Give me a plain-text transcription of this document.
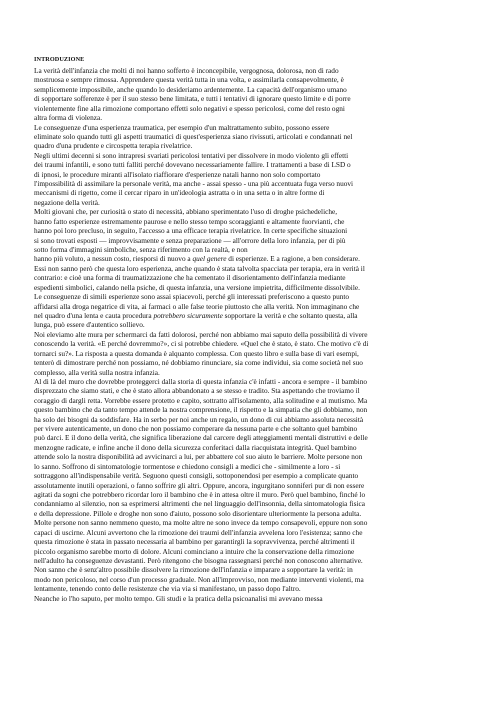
INTRODUZIONE
La verità dell'infanzia che molti di noi hanno sofferto è inconcepibile, vergognosa, dolorosa, non di rado
mostruosa e sempre rimossa. Apprendere questa verità tutta in una volta, e assimilarla consapevolmente, è
semplicemente impossibile, anche quando lo desideriamo ardentemente. La capacità dell'organismo umano
di sopportare sofferenze è per il suo stesso bene limitata, e tutti i tentativi di ignorare questo limite e di porre
violentemente fine alla rimozione comportano effetti solo negativi e spesso pericolosi, come del resto ogni
altra forma di violenza.
Le conseguenze d'una esperienza traumatica, per esempio d'un maltrattamento subito, possono essere
eliminate solo quando tutti gli aspetti traumatici di quest'esperienza siano rivissuti, articolati e condannati nel
quadro d'una prudente e circospetta terapia rivelatrice.
Negli ultimi decenni si sono intrapresi svariati pericolosi tentativi per dissolvere in modo violento gli effetti
dei traumi infantili, e sono tutti falliti perché dovevano necessariamente fallire. I trattamenti a base di LSD o
di ipnosi, le procedure miranti all'isolato riaffiorare d'esperienze natali hanno non solo comportato
l'impossibilità di assimilare la personale verità, ma anche - assai spesso - una più accentuata fuga verso nuovi
meccanismi di rigetto, come il cercar riparo in un'ideologia astratta o in una setta o in altre forme di
negazione della verità.
Molti giovani che, per curiosità o stato di necessità, abbiano sperimentato l'uso di droghe psichedeliche,
hanno fatto esperienze estremamente paurose e nello stesso tempo scoraggianti e altamente fuorvianti, che
hanno poi loro precluso, in seguito, l'accesso a una efficace terapia rivelatrice. In certe specifiche situazioni
si sono trovati esposti — improvvisamente e senza preparazione — all'orrore della loro infanzia, per di più
sotto forma d'immagini simboliche, senza riferimento con la realtà, e non
hanno più voluto, a nessun costo, riesporsi di nuovo a quel genere di esperienze. E a ragione, a ben considerare.
Essi non sanno però che questa loro esperienza, anche quando è stata talvolta spacciata per terapia, era in verità il
contrario: e cioè una forma di traumatizzazione che ha cementato il disorientamento dell'infanzia mediante
espedienti simbolici, calando nella psiche, di questa infanzia, una versione impietrita, difficilmente dissolvibile.
Le conseguenze di simili esperienze sono assai spiacevoli, perché gli interessati preferiscono a questo punto
affidarsi alla droga negatrice di vita, ai farmaci o alle false teorie piuttosto che alla verità. Non immaginano che
nel quadro d'una lenta e cauta procedura potrebbero sicuramente sopportare la verità e che soltanto questa, alla
lunga, può essere d'autentico sollievo.
Noi eleviamo alte mura per schermarci da fatti dolorosi, perché non abbiamo mai saputo della possibilità di vivere
conoscendo la verità. «E perché dovremmo?», ci si potrebbe chiedere. «Quel che è stato, è stato. Che motivo c'è di
tornarci su?». La risposta a questa domanda è alquanto complessa. Con questo libro e sulla base di vari esempi,
tenterò di dimostrare perché non possiamo, né dobbiamo rinunciare, sia come individui, sia come società nel suo
complesso, alla verità sulla nostra infanzia.
Al di là del muro che dovrebbe proteggerci dalla storia di questa infanzia c'è infatti - ancora e sempre - il bambino
disprezzato che siamo stati, e che è stato allora abbandonato a se stesso e tradito. Sta aspettando che troviamo il
coraggio di dargli retta. Vorrebbe essere protetto e capito, sottratto all'isolamento, alla solitudine e al mutismo. Ma
questo bambino che da tanto tempo attende la nostra comprensione, il rispetto e la simpatia che gli dobbiamo, non
ha solo dei bisogni da soddisfare. Ha in serbo per noi anche un regalo, un dono di cui abbiamo assoluta necessità
per vivere autenticamente, un dono che non possiamo comperare da nessuna parte e che soltanto quel bambino
può darci. E il dono della verità, che significa liberazione dal carcere degli atteggiamenti mentali distruttivi e delle
menzogne radicate, e infine anche il dono della sicurezza conferitaci dalla riacquistata integrità. Quel bambino
attende solo la nostra disponibilità ad avvicinarci a lui, per abbattere col suo aiuto le barriere. Molte persone non
lo sanno. Soffrono di sintomatologie tormentose e chiedono consigli a medici che - similmente a loro - si
sottraggono all'indispensabile verità. Seguono questi consigli, sottoponendosi per esempio a complicate quanto
assolutamente inutili operazioni, o fanno soffrire gli altri. Oppure, ancora, ingurgitano sonniferi pur di non essere
agitati da sogni che potrebbero ricordar loro il bambino che è in attesa oltre il muro. Però quel bambino, finché lo
condanniamo al silenzio, non sa esprimersi altrimenti che nel linguaggio dell'insonnia, della sintomatologia fisica
e della depressione. Pillole e droghe non sono d'aiuto, possono solo disorientare ulteriormente la persona adulta.
Molte persone non sanno nemmeno questo, ma molte altre ne sono invece da tempo consapevoli, eppure non sono
capaci di uscirne. Alcuni avvertono che la rimozione dei traumi dell'infanzia avvelena loro l'esistenza; sanno che
questa rimozione è stata in passato necessaria al bambino per garantirgli la sopravvivenza, perché altrimenti il
piccolo organismo sarebbe morto di dolore. Alcuni cominciano a intuire che la conservazione della rimozione
nell'adulto ha conseguenze devastanti. Però ritengono che bisogna rassegnarsi perché non conoscono alternative.
Non sanno che è senz'altro possibile dissolvere la rimozione dell'infanzia e imparare a sopportare la verità: in
modo non pericoloso, nel corso d'un processo graduale. Non all'improvviso, non mediante interventi violenti, ma
lentamente, tenendo conto delle resistenze che via via si manifestano, un passo dopo l'altro.
Neanche io l'ho saputo, per molto tempo. Gli studi e la pratica della psicoanalisi mi avevano messa
